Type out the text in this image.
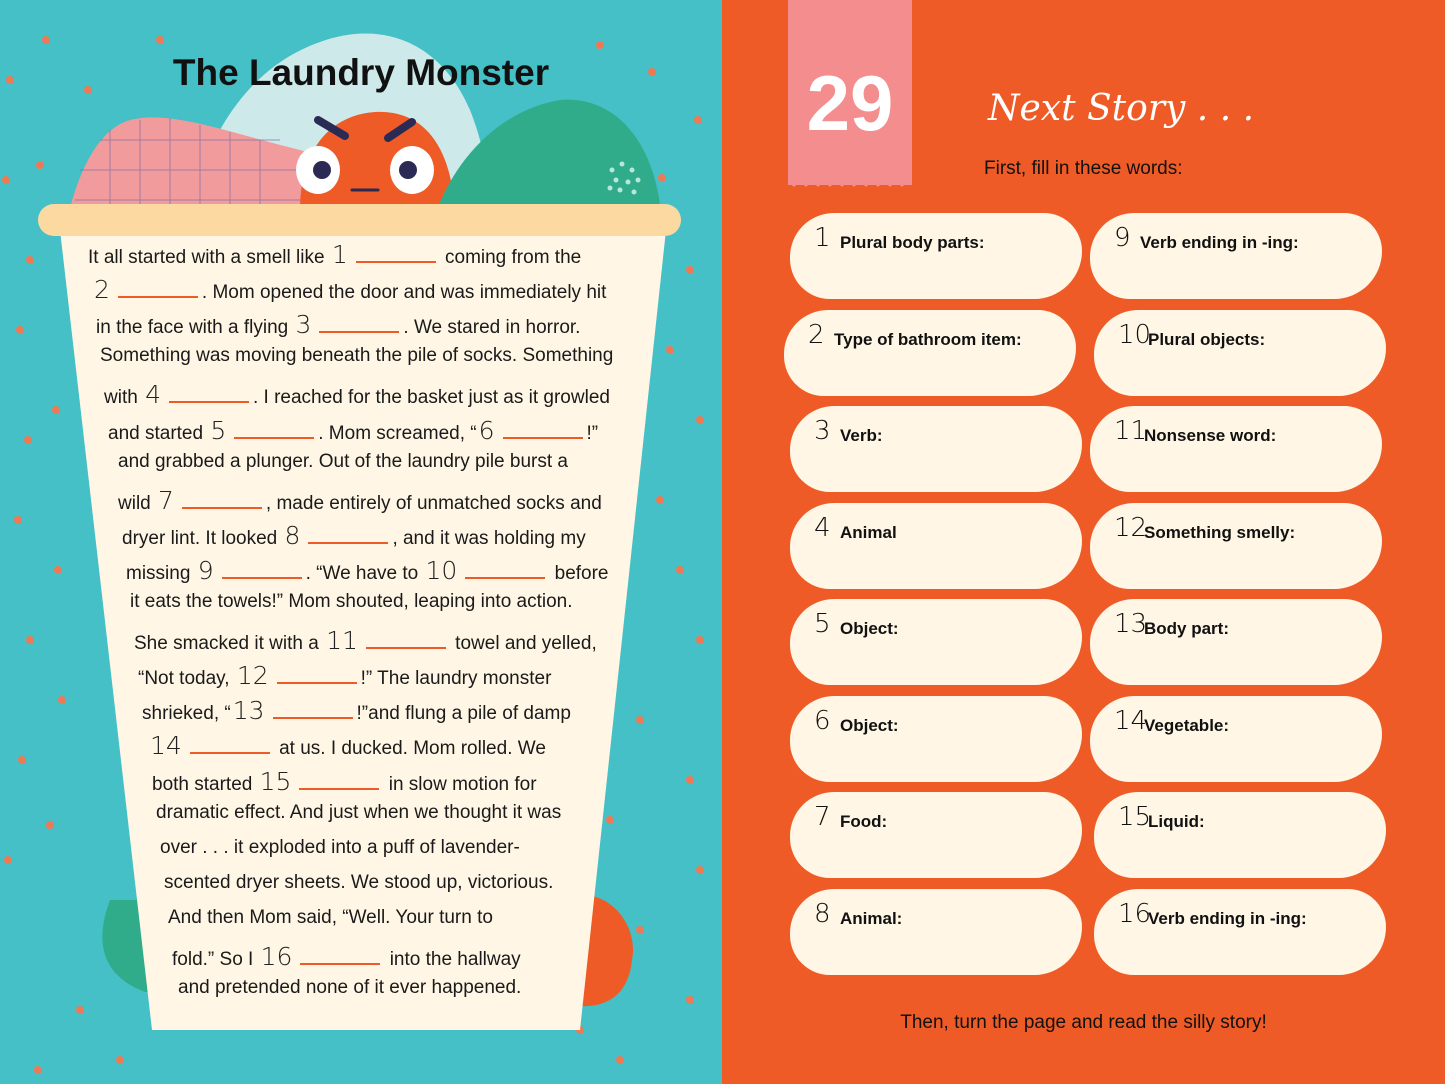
The Laundry Monster
It all started with a smell like 1	coming from the
2	. Mom opened the door and was immediately hit
in the face with a flying 3	. We stared in horror.
Something was moving beneath the pile of socks. Something
with 4	. I reached for the basket just as it growled
and started 5	. Mom screamed, “6	!”
and grabbed a plunger. Out of the laundry pile burst a
wild 7	, made entirely of unmatched socks and
dryer lint. It looked 8	, and it was holding my
missing 9	. “We have to 10	before
it eats the towels!” Mom shouted, leaping into action.
She smacked it with a 11	towel and yelled,
“Not today, 12	!” The laundry monster
shrieked, “13	!”and flung a pile of damp
14	at us. I ducked. Mom rolled. We
both started 15	in slow motion for
dramatic effect. And just when we thought it was
over . . . it exploded into a puff of lavender-
scented dryer sheets. We stood up, victorious.
And then Mom said, “Well. Your turn to
fold.” So I 16	into the hallway
and pretended none of it ever happened.
29	Next Story . . .
First, fill in these words:
1 Plural body parts:
2 Type of bathroom item:
3 Verb:
4 Animal
5 Object:
6 Object:
7 Food:
8 Animal:
9 Verb ending in -ing:
10
Plural objects:
11
Nonsense word:
12
Something smelly:
13
Body part:
14
Vegetable:
15
Liquid:
16
Verb ending in -ing:
Then, turn the page and read the silly story!
